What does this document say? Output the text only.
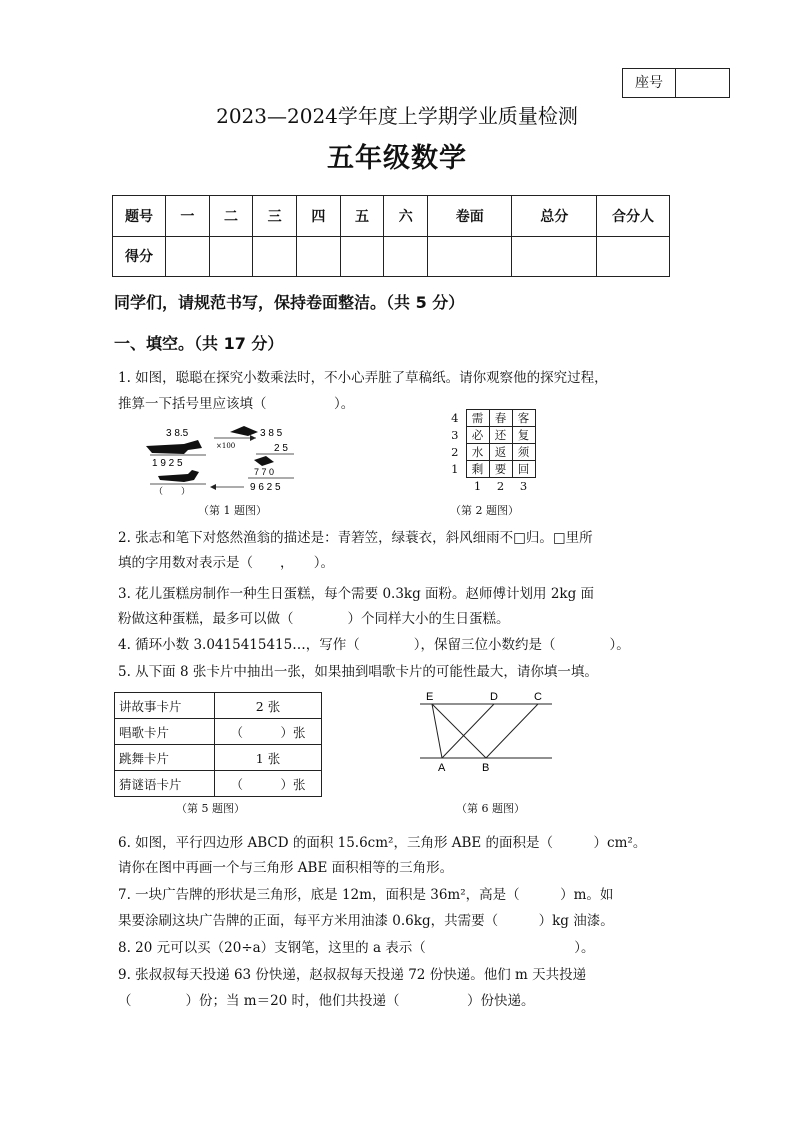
座号
2023—2024学年度上学期学业质量检测
五年级数学
题号	一	二	三	四	五	六	卷面	总分	合分人
得分									
同学们，请规范书写，保持卷面整洁。（共 5 分）
一、填空。（共 17 分）
1. 如图，聪聪在探究小数乘法时，不小心弄脏了草稿纸。请你观察他的探究过程，
推算一下括号里应该填（　　　　　）。
3 8.5
1 9 2 5
（　　）
×100
3 8 5
2 5
7 7 0
9 6 2 5
（第 1 题图）
4	需	春	客
3	必	还	复
2	水	返	须
1	剩	要	回
	1	2	3
（第 2 题图）
2. 张志和笔下对悠然渔翁的描述是：青箬笠，绿蓑衣，斜风细雨不□归。□里所
填的字用数对表示是（　　，　　）。
3. 花儿蛋糕房制作一种生日蛋糕，每个需要 0.3kg 面粉。赵师傅计划用 2kg 面
粉做这种蛋糕，最多可以做（　　　　）个同样大小的生日蛋糕。
4. 循环小数 3.0415415415…，写作（　　　　），保留三位小数约是（　　　　）。
5. 从下面 8 张卡片中抽出一张，如果抽到唱歌卡片的可能性最大，请你填一填。
讲故事卡片	2 张
唱歌卡片	（　　　）张
跳舞卡片	1 张
猜谜语卡片	（　　　）张
（第 5 题图）
E	D	C
A	B
（第 6 题图）
6. 如图，平行四边形 ABCD 的面积 15.6cm²，三角形 ABE 的面积是（　　　）cm²。
请你在图中再画一个与三角形 ABE 面积相等的三角形。
7. 一块广告牌的形状是三角形，底是 12m，面积是 36m²，高是（　　　）m。如
果要涂刷这块广告牌的正面，每平方米用油漆 0.6kg，共需要（　　　）kg 油漆。
8. 20 元可以买（20÷a）支钢笔，这里的 a 表示（　　　　　　　　　　　）。
9. 张叔叔每天投递 63 份快递，赵叔叔每天投递 72 份快递。他们 m 天共投递
（　　　　）份；当 m＝20 时，他们共投递（　　　　　）份快递。
